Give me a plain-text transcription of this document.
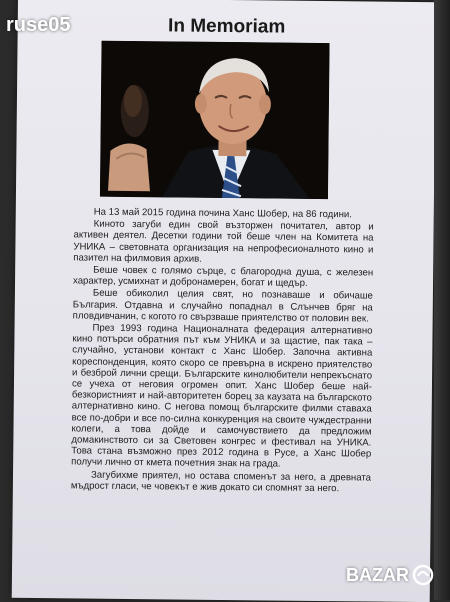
In Memoriam

На 13 май 2015 година почина Ханс Шобер, на 86 години.

Киното загуби един свой възторжен почитател, автор и активен деятел. Десетки години той беше член на Комитета на УНИКА – световната организация на непрофесионалното кино и пазител на филмовия архив.

Беше човек с голямо сърце, с благородна душа, с железен характер, усмихнат и добронамерен, богат и щедър.

Беше обиколил целия свят, но познаваше и обичаше България. Отдавна и случайно попаднал в Слънчев бряг на пловдивчанин, с когото го свързваше приятелство от половин век.

През 1993 година Националната федерация алтернативно кино потърси обратния път към УНИКА и за щастие, пак така – случайно, установи контакт с Ханс Шобер. Започна активна кореспонденция, която скоро се превърна в искрено приятелство и безброй лични срещи. Българските кинолюбители непрекъснато се учеха от неговия огромен опит. Ханс Шобер беше най-безкористният и най-авторитетен борец за каузата на българското алтернативно кино. С негова помощ българските филми ставаха все по-добри и все по-силна конкуренция на своите чуждестранни колеги, а това дойде и самочувствието да предложим домакинството си за Световен конгрес и фестивал на УНИКА. Това стана възможно през 2012 година в Русе, а Ханс Шобер получи лично от кмета почетния знак на града.

Загубихме приятел, но остава споменът за него, а древната мъдрост гласи, че човекът е жив докато си спомнят за него.

ruse05
BAZAR
